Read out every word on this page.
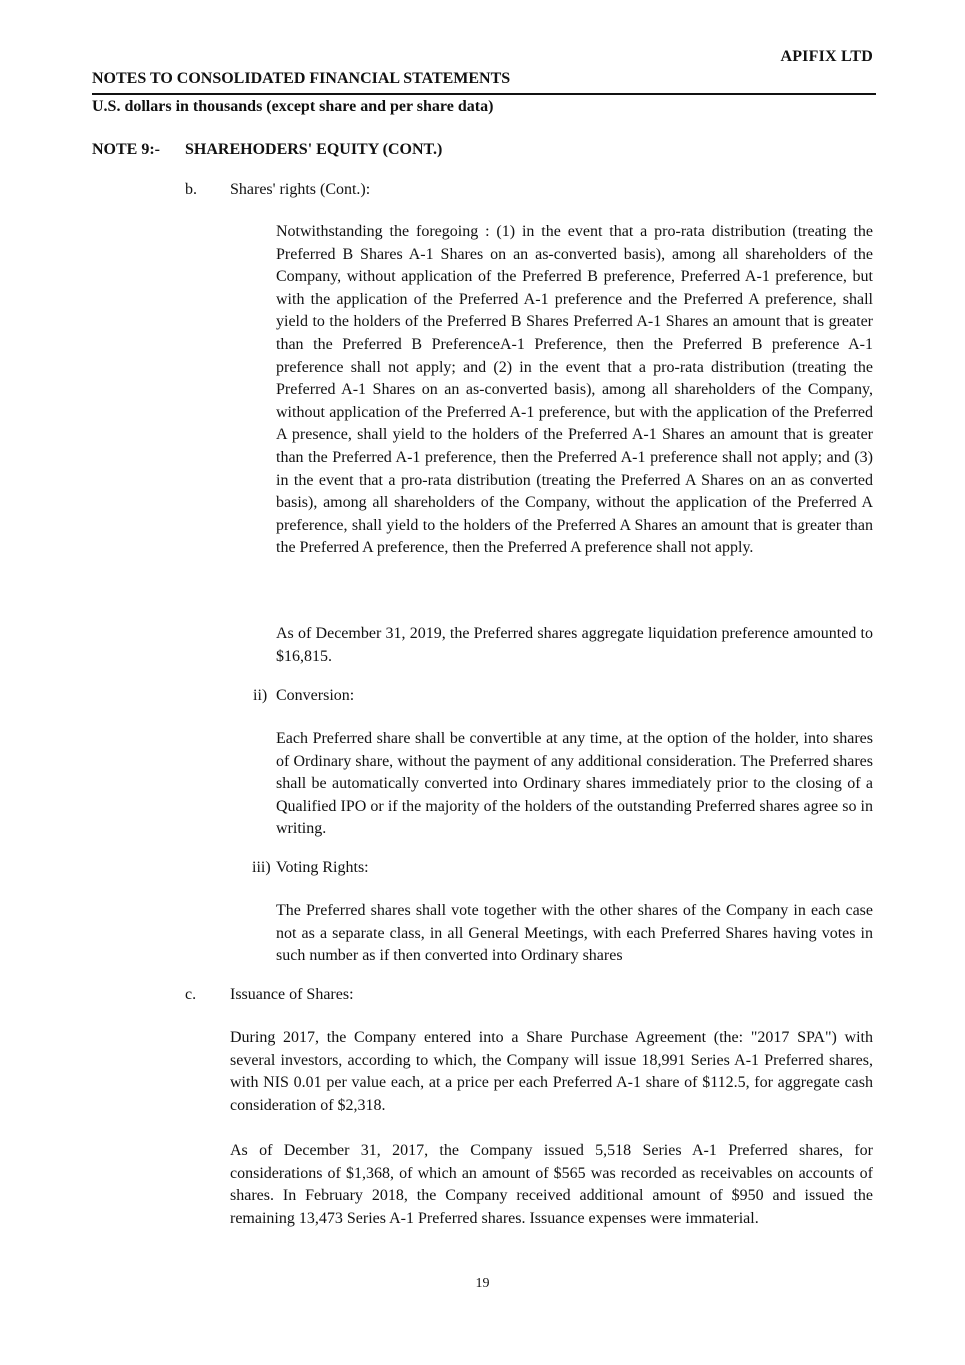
APIFIX LTD
NOTES TO CONSOLIDATED FINANCIAL STATEMENTS
U.S. dollars in thousands (except share and per share data)
NOTE 9:- SHAREHODERS' EQUITY (CONT.)
b. Shares' rights (Cont.):

Notwithstanding the foregoing : (1) in the event that a pro-rata distribution (treating the Preferred B Shares A-1 Shares on an as-converted basis), among all shareholders of the Company, without application of the Preferred B preference, Preferred A-1 preference, but with the application of the Preferred A-1 preference and the Preferred A preference, shall yield to the holders of the Preferred B Shares Preferred A-1 Shares an amount that is greater than the Preferred B PreferenceA-1 Preference, then the Preferred B preference A-1 preference shall not apply; and (2) in the event that a pro-rata distribution (treating the Preferred A-1 Shares on an as-converted basis), among all shareholders of the Company, without application of the Preferred A-1 preference, but with the application of the Preferred A presence, shall yield to the holders of the Preferred A-1 Shares an amount that is greater than the Preferred A-1 preference, then the Preferred A-1 preference shall not apply; and (3) in the event that a pro-rata distribution (treating the Preferred A Shares on an as converted basis), among all shareholders of the Company, without the application of the Preferred A preference, shall yield to the holders of the Preferred A Shares an amount that is greater than the Preferred A preference, then the Preferred A preference shall not apply.

As of December 31, 2019, the Preferred shares aggregate liquidation preference amounted to $16,815.

ii) Conversion:

Each Preferred share shall be convertible at any time, at the option of the holder, into shares of Ordinary share, without the payment of any additional consideration. The Preferred shares shall be automatically converted into Ordinary shares immediately prior to the closing of a Qualified IPO or if the majority of the holders of the outstanding Preferred shares agree so in writing.

iii) Voting Rights:

The Preferred shares shall vote together with the other shares of the Company in each case not as a separate class, in all General Meetings, with each Preferred Shares having votes in such number as if then converted into Ordinary shares

c. Issuance of Shares:

During 2017, the Company entered into a Share Purchase Agreement (the: "2017 SPA") with several investors, according to which, the Company will issue 18,991 Series A-1 Preferred shares, with NIS 0.01 per value each, at a price per each Preferred A-1 share of $112.5, for aggregate cash consideration of $2,318.

As of December 31, 2017, the Company issued 5,518 Series A-1 Preferred shares, for considerations of $1,368, of which an amount of $565 was recorded as receivables on accounts of shares. In February 2018, the Company received additional amount of $950 and issued the remaining 13,473 Series A-1 Preferred shares. Issuance expenses were immaterial.

19
